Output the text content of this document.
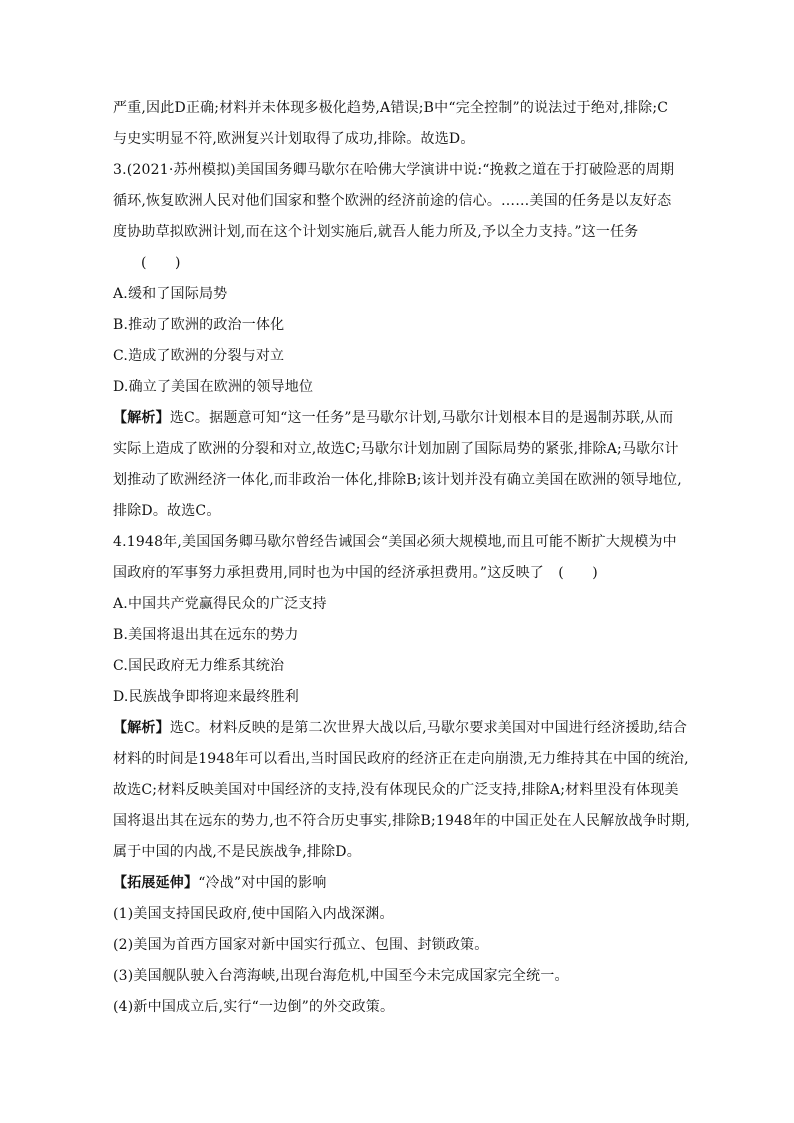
严重,因此D正确;材料并未体现多极化趋势,A错误;B中“完全控制”的说法过于绝对,排除;C
与史实明显不符,欧洲复兴计划取得了成功,排除。故选D。
3.(2021·苏州模拟)美国国务卿马歇尔在哈佛大学演讲中说:“挽救之道在于打破险恶的周期
循环,恢复欧洲人民对他们国家和整个欧洲的经济前途的信心。……美国的任务是以友好态
度协助草拟欧洲计划,而在这个计划实施后,就吾人能力所及,予以全力支持。”这一任务
(　　)
A.缓和了国际局势
B.推动了欧洲的政治一体化
C.造成了欧洲的分裂与对立
D.确立了美国在欧洲的领导地位
【解析】选C。据题意可知“这一任务”是马歇尔计划,马歇尔计划根本目的是遏制苏联,从而
实际上造成了欧洲的分裂和对立,故选C;马歇尔计划加剧了国际局势的紧张,排除A;马歇尔计
划推动了欧洲经济一体化,而非政治一体化,排除B;该计划并没有确立美国在欧洲的领导地位,
排除D。故选C。
4.1948年,美国国务卿马歇尔曾经告诫国会“美国必须大规模地,而且可能不断扩大规模为中
国政府的军事努力承担费用,同时也为中国的经济承担费用。”这反映了　(　　)
A.中国共产党赢得民众的广泛支持
B.美国将退出其在远东的势力
C.国民政府无力维系其统治
D.民族战争即将迎来最终胜利
【解析】选C。材料反映的是第二次世界大战以后,马歇尔要求美国对中国进行经济援助,结合
材料的时间是1948年可以看出,当时国民政府的经济正在走向崩溃,无力维持其在中国的统治,
故选C;材料反映美国对中国经济的支持,没有体现民众的广泛支持,排除A;材料里没有体现美
国将退出其在远东的势力,也不符合历史事实,排除B;1948年的中国正处在人民解放战争时期,
属于中国的内战,不是民族战争,排除D。
【拓展延伸】“冷战”对中国的影响
(1)美国支持国民政府,使中国陷入内战深渊。
(2)美国为首西方国家对新中国实行孤立、包围、封锁政策。
(3)美国舰队驶入台湾海峡,出现台海危机,中国至今未完成国家完全统一。
(4)新中国成立后,实行“一边倒”的外交政策。
